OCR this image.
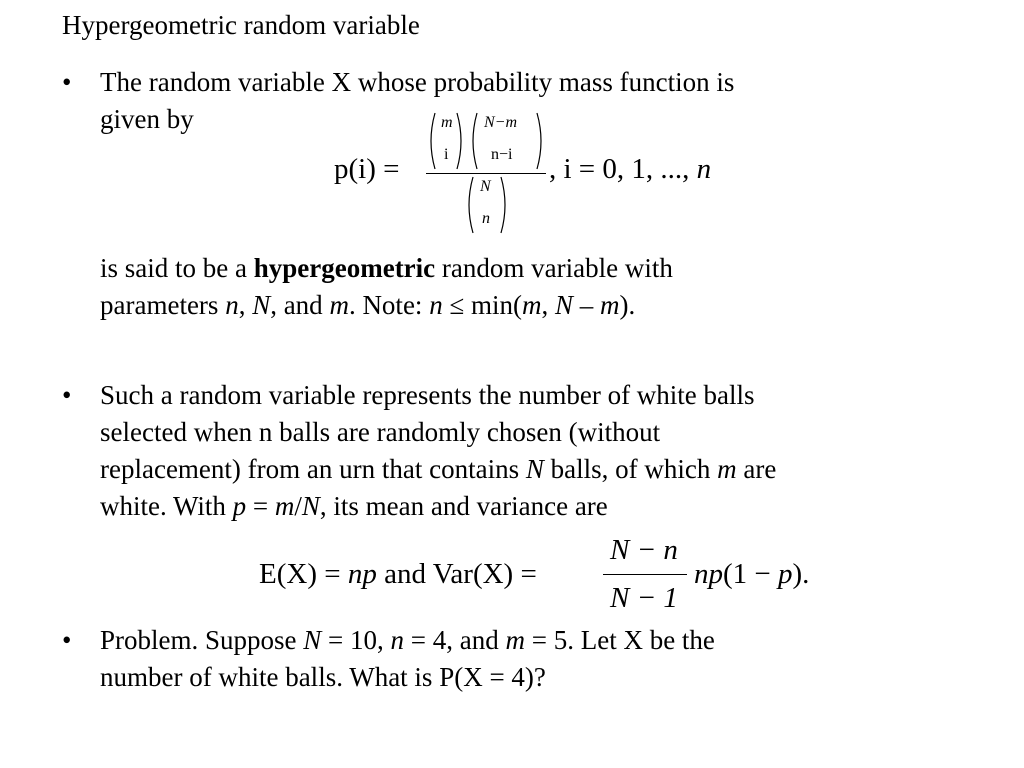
Hypergeometric random variable
• The random variable X whose probability mass function is
given by
p(i) =
m
i
N−m
n−i
N
n
, i = 0, 1, ..., n
is said to be a hypergeometric random variable with
parameters n, N, and m. Note: n ≤ min(m, N – m).
• Such a random variable represents the number of white balls
selected when n balls are randomly chosen (without
replacement) from an urn that contains N balls, of which m are
white. With p = m/N, its mean and variance are
E(X) = np and Var(X) =
N − n
N − 1
np(1 − p).
• Problem. Suppose N = 10, n = 4, and m = 5. Let X be the
number of white balls. What is P(X = 4)?
